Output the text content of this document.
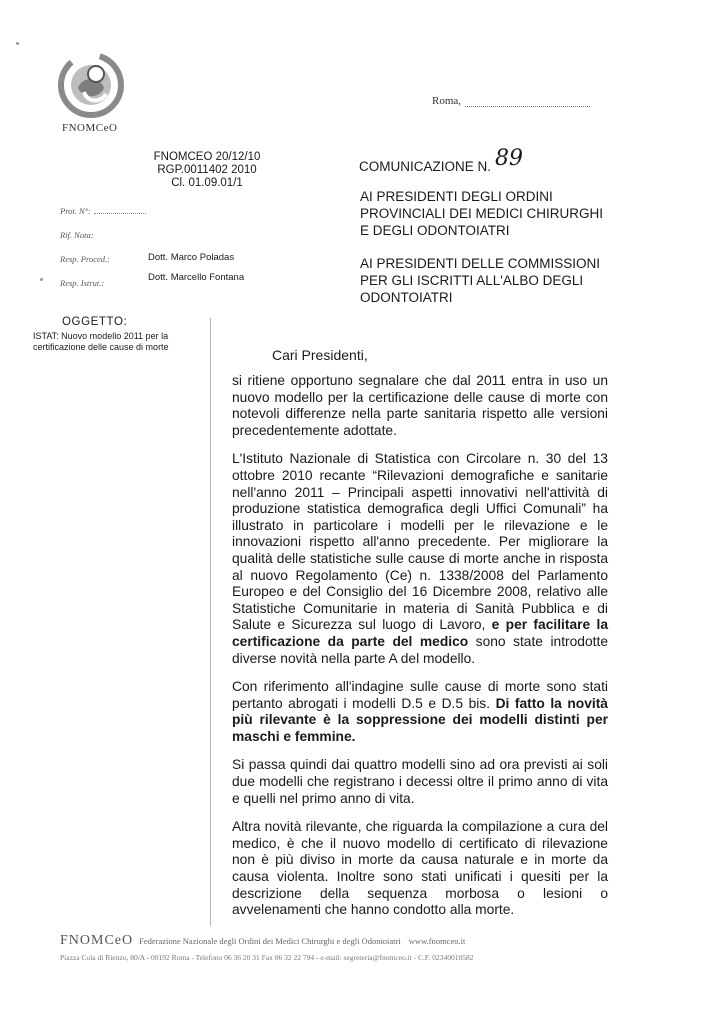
FNOMCeO
Roma,
FNOMCEO 20/12/10
RGP.0011402 2010
Cl. 01.09.01/1
Prot. N°:
Rif. Nota:
Resp. Proced.:
Resp. Istrut.:
Dott. Marco Poladas
Dott. Marcello Fontana
COMUNICAZIONE N. 89
AI PRESIDENTI DEGLI ORDINI
PROVINCIALI DEI MEDICI CHIRURGHI
E DEGLI ODONTOIATRI
AI PRESIDENTI DELLE COMMISSIONI
PER GLI ISCRITTI ALL'ALBO DEGLI
ODONTOIATRI
OGGETTO:
ISTAT: Nuovo modello 2011 per la certificazione delle cause di morte
Cari Presidenti,

si ritiene opportuno segnalare che dal 2011 entra in uso un nuovo modello per la certificazione delle cause di morte con notevoli differenze nella parte sanitaria rispetto alle versioni precedentemente adottate.

L'Istituto Nazionale di Statistica con Circolare n. 30 del 13 ottobre 2010 recante “Rilevazioni demografiche e sanitarie nell'anno 2011 – Principali aspetti innovativi nell'attività di produzione statistica demografica degli Uffici Comunali” ha illustrato in particolare i modelli per le rilevazione e le innovazioni rispetto all'anno precedente. Per migliorare la qualità delle statistiche sulle cause di morte anche in risposta al nuovo Regolamento (Ce) n. 1338/2008 del Parlamento Europeo e del Consiglio del 16 Dicembre 2008, relativo alle Statistiche Comunitarie in materia di Sanità Pubblica e di Salute e Sicurezza sul luogo di Lavoro, e per facilitare la certificazione da parte del medico sono state introdotte diverse novità nella parte A del modello.

Con riferimento all'indagine sulle cause di morte sono stati pertanto abrogati i modelli D.5 e D.5 bis. Di fatto la novità più rilevante è la soppressione dei modelli distinti per maschi e femmine.

Si passa quindi dai quattro modelli sino ad ora previsti ai soli due modelli che registrano i decessi oltre il primo anno di vita e quelli nel primo anno di vita.

Altra novità rilevante, che riguarda la compilazione a cura del medico, è che il nuovo modello di certificato di rilevazione non è più diviso in morte da causa naturale e in morte da causa violenta. Inoltre sono stati unificati i quesiti per la descrizione della sequenza morbosa o lesioni o avvelenamenti che hanno condotto alla morte.

FNOMCeO Federazione Nazionale degli Ordini dei Medici Chirurghi e degli Odontoiatri www.fnomceo.it
Piazza Cola di Rienzo, 80/A - 00192 Roma - Telefono 06 36 20 31 Fax 06 32 22 794 - e-mail: segreteria@fnomceo.it - C.F. 02340010582
